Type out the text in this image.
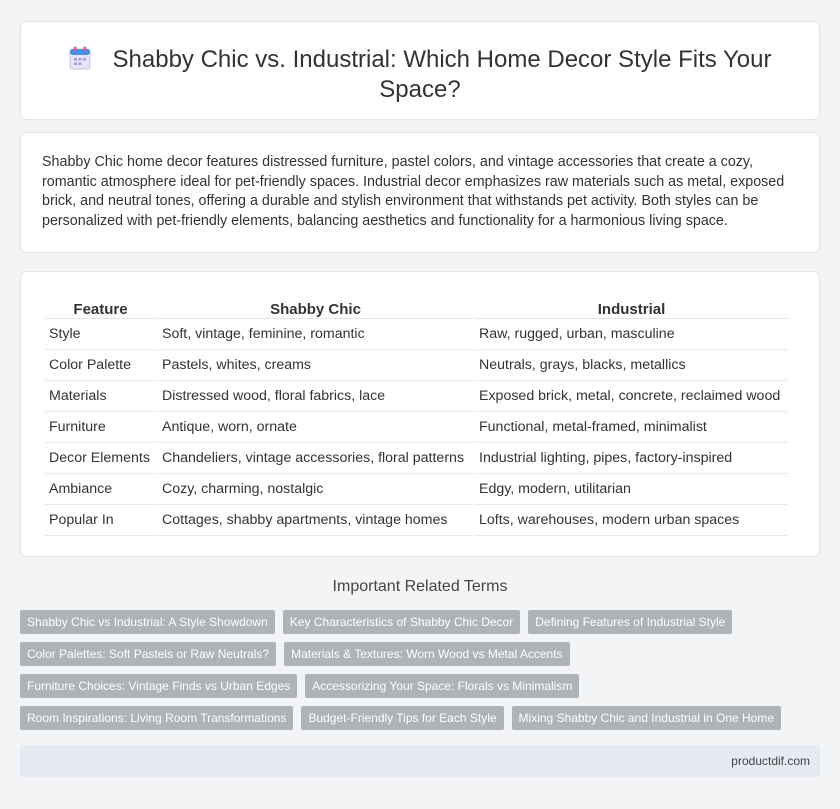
Shabby Chic vs. Industrial: Which Home Decor Style Fits Your Space?

Shabby Chic home decor features distressed furniture, pastel colors, and vintage accessories that create a cozy, romantic atmosphere ideal for pet-friendly spaces. Industrial decor emphasizes raw materials such as metal, exposed brick, and neutral tones, offering a durable and stylish environment that withstands pet activity. Both styles can be personalized with pet-friendly elements, balancing aesthetics and functionality for a harmonious living space.

Feature	Shabby Chic	Industrial
Style	Soft, vintage, feminine, romantic	Raw, rugged, urban, masculine
Color Palette	Pastels, whites, creams	Neutrals, grays, blacks, metallics
Materials	Distressed wood, floral fabrics, lace	Exposed brick, metal, concrete, reclaimed wood
Furniture	Antique, worn, ornate	Functional, metal-framed, minimalist
Decor Elements	Chandeliers, vintage accessories, floral patterns	Industrial lighting, pipes, factory-inspired
Ambiance	Cozy, charming, nostalgic	Edgy, modern, utilitarian
Popular In	Cottages, shabby apartments, vintage homes	Lofts, warehouses, modern urban spaces
Important Related Terms
Shabby Chic vs Industrial: A Style Showdown	Key Characteristics of Shabby Chic Decor	Defining Features of Industrial Style
Color Palettes: Soft Pastels or Raw Neutrals?	Materials & Textures: Worn Wood vs Metal Accents
Furniture Choices: Vintage Finds vs Urban Edges	Accessorizing Your Space: Florals vs Minimalism
Room Inspirations: Living Room Transformations	Budget-Friendly Tips for Each Style	Mixing Shabby Chic and Industrial in One Home
productdif.com
